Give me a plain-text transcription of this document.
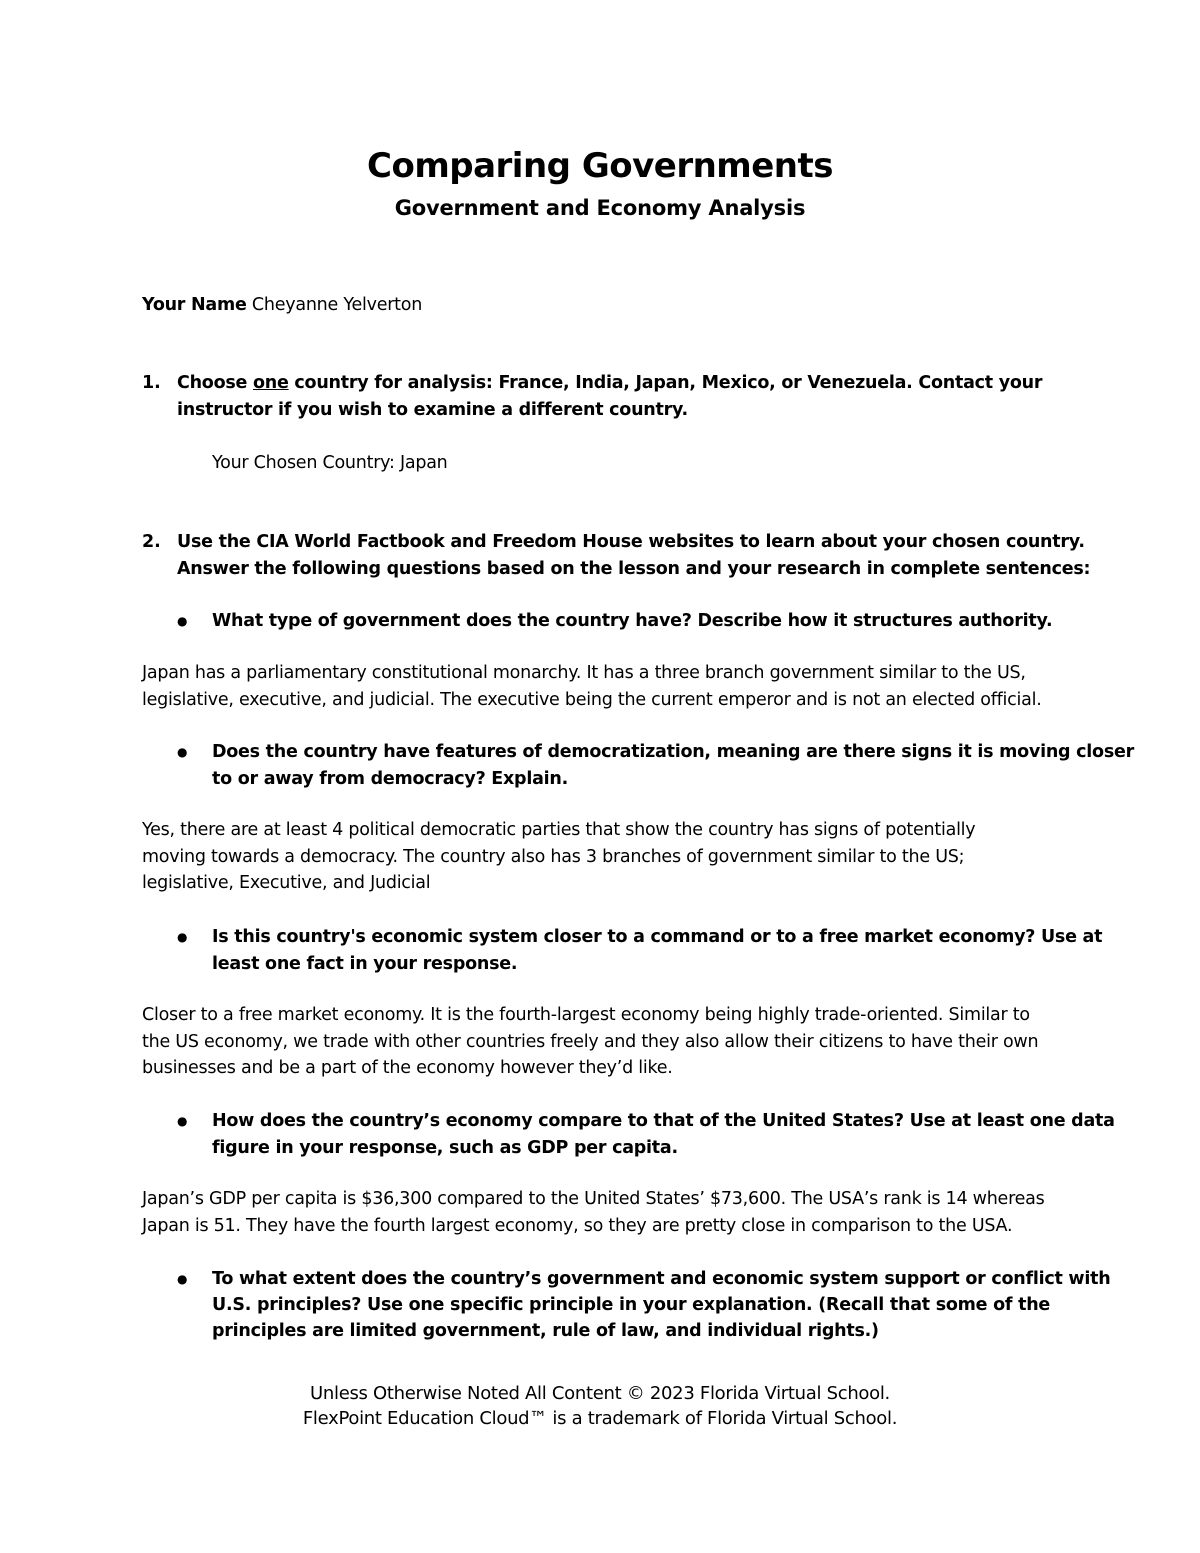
Comparing Governments
Government and Economy Analysis
Your Name Cheyanne Yelverton
1. Choose one country for analysis: France, India, Japan, Mexico, or Venezuela. Contact your
instructor if you wish to examine a different country.
Your Chosen Country: Japan
2. Use the CIA World Factbook and Freedom House websites to learn about your chosen country.
Answer the following questions based on the lesson and your research in complete sentences:
● What type of government does the country have? Describe how it structures authority.
Japan has a parliamentary constitutional monarchy. It has a three branch government similar to the US,
legislative, executive, and judicial. The executive being the current emperor and is not an elected official.
● Does the country have features of democratization, meaning are there signs it is moving closer
to or away from democracy? Explain.
Yes, there are at least 4 political democratic parties that show the country has signs of potentially
moving towards a democracy. The country also has 3 branches of government similar to the US;
legislative, Executive, and Judicial
● Is this country's economic system closer to a command or to a free market economy? Use at
least one fact in your response.
Closer to a free market economy. It is the fourth-largest economy being highly trade-oriented. Similar to
the US economy, we trade with other countries freely and they also allow their citizens to have their own
businesses and be a part of the economy however they’d like.
● How does the country’s economy compare to that of the United States? Use at least one data
figure in your response, such as GDP per capita.
Japan’s GDP per capita is $36,300 compared to the United States’ $73,600. The USA’s rank is 14 whereas
Japan is 51. They have the fourth largest economy, so they are pretty close in comparison to the USA.
● To what extent does the country’s government and economic system support or conflict with
U.S. principles? Use one specific principle in your explanation. (Recall that some of the
principles are limited government, rule of law, and individual rights.)
Unless Otherwise Noted All Content © 2023 Florida Virtual School.
FlexPoint Education Cloud™ is a trademark of Florida Virtual School.
